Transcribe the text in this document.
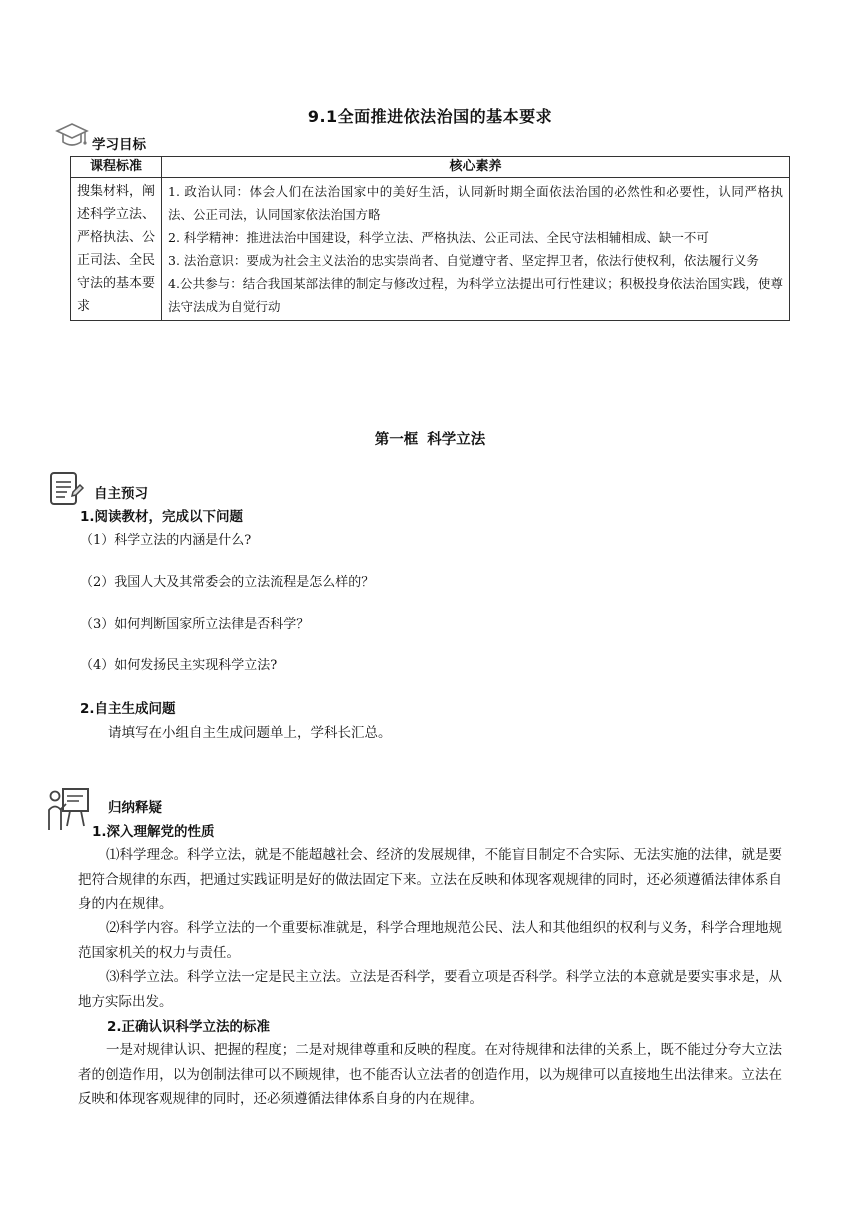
9.1全面推进依法治国的基本要求
学习目标
课程标准	核心素养
搜集材料，阐述科学立法、严格执法、公正司法、全民守法的基本要求	1. 政治认同：体会人们在法治国家中的美好生活，认同新时期全面依法治国的必然性和必要性，认同严格执法、公正司法，认同国家依法治国方略
2. 科学精神：推进法治中国建设，科学立法、严格执法、公正司法、全民守法相辅相成、缺一不可
3. 法治意识：要成为社会主义法治的忠实崇尚者、自觉遵守者、坚定捍卫者，依法行使权利，依法履行义务
4.公共参与：结合我国某部法律的制定与修改过程，为科学立法提出可行性建议；积极投身依法治国实践，使尊法守法成为自觉行动
第一框 科学立法
自主预习
1.阅读教材，完成以下问题
（1）科学立法的内涵是什么?
（2）我国人大及其常委会的立法流程是怎么样的？
（3）如何判断国家所立法律是否科学？
（4）如何发扬民主实现科学立法?
2.自主生成问题
请填写在小组自主生成问题单上，学科长汇总。
归纳释疑
1.深入理解党的性质

⑴科学理念。科学立法，就是不能超越社会、经济的发展规律，不能盲目制定不合实际、无法实施的法律，就是要把符合规律的东西，把通过实践证明是好的做法固定下来。立法在反映和体现客观规律的同时，还必须遵循法律体系自身的内在规律。

⑵科学内容。科学立法的一个重要标准就是，科学合理地规范公民、法人和其他组织的权利与义务，科学合理地规范国家机关的权力与责任。

⑶科学立法。科学立法一定是民主立法。立法是否科学，要看立项是否科学。科学立法的本意就是要实事求是，从地方实际出发。

2.正确认识科学立法的标准

一是对规律认识、把握的程度；二是对规律尊重和反映的程度。在对待规律和法律的关系上，既不能过分夸大立法者的创造作用，以为创制法律可以不顾规律，也不能否认立法者的创造作用，以为规律可以直接地生出法律来。立法在反映和体现客观规律的同时，还必须遵循法律体系自身的内在规律。
